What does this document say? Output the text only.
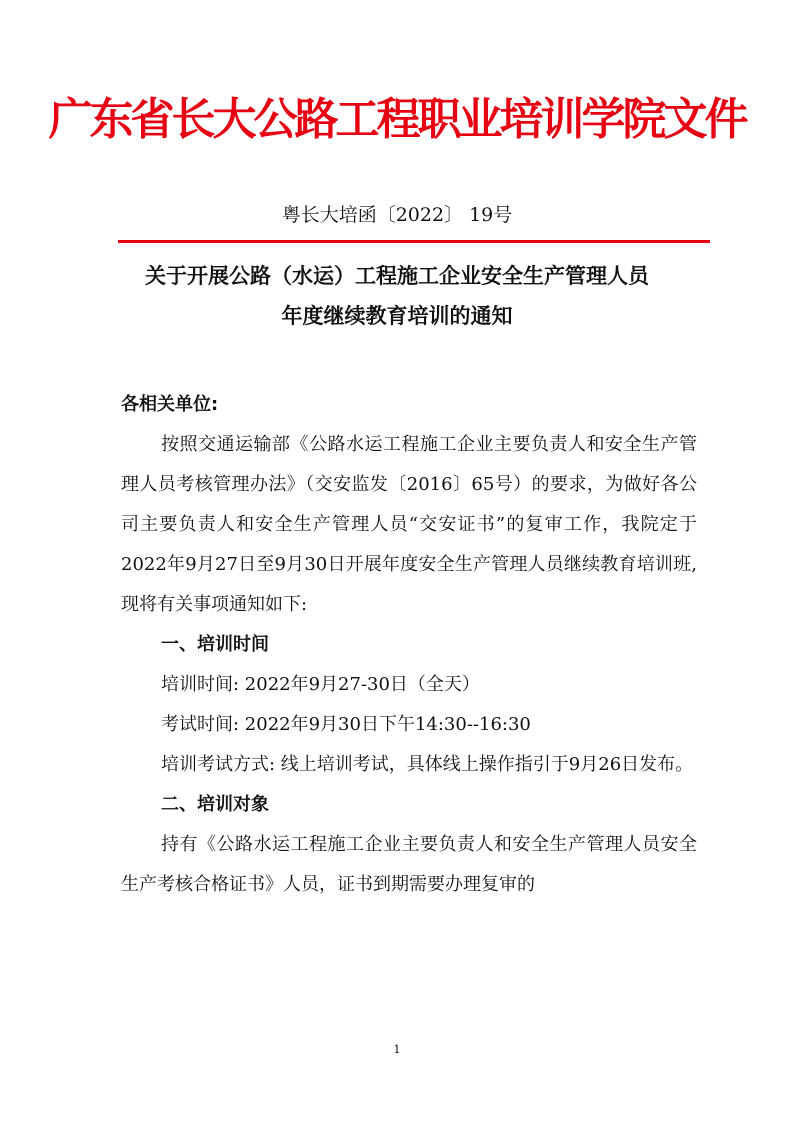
广东省长大公路工程职业培训学院文件
粤长大培函〔2022〕 19号
关于开展公路（水运）工程施工企业安全生产管理人员
年度继续教育培训的通知

各相关单位:

按照交通运输部《公路水运工程施工企业主要负责人和安全生产管理人员考核管理办法》（交安监发〔2016〕65号）的要求，为做好各公司主要负责人和安全生产管理人员“交安证书”的复审工作，我院定于2022年9月27日至9月30日开展年度安全生产管理人员继续教育培训班,现将有关事项通知如下:

一、培训时间

培训时间: 2022年9月27-30日（全天）

考试时间: 2022年9月30日下午14:30--16:30

培训考试方式: 线上培训考试，具体线上操作指引于9月26日发布。

二、培训对象

持有《公路水运工程施工企业主要负责人和安全生产管理人员安全生产考核合格证书》人员，证书到期需要办理复审的

1
